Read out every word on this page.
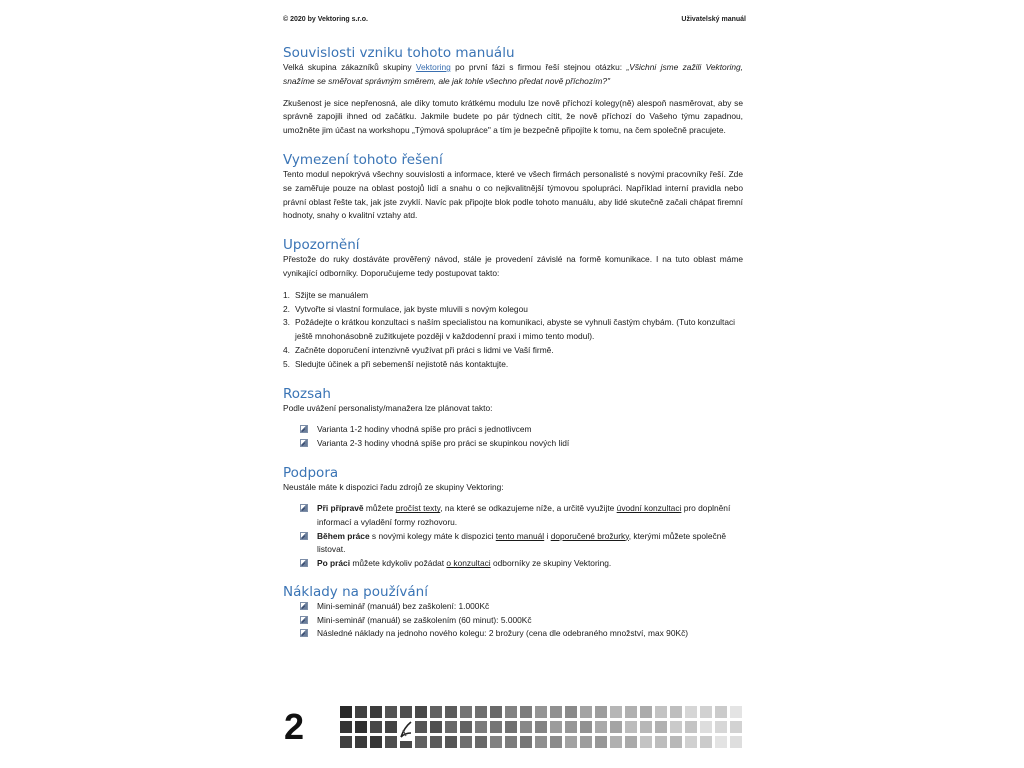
© 2020 by Vektoring s.r.o.	Uživatelský manuál
Souvislosti vzniku tohoto manuálu

Velká skupina zákazníků skupiny Vektoring po první fázi s firmou řeší stejnou otázku: „Všichni jsme zažili Vektoring, snažíme se směřovat správným směrem, ale jak tohle všechno předat nově příchozím?"

Zkušenost je sice nepřenosná, ale díky tomuto krátkému modulu lze nově příchozí kolegy(ně) alespoň nasměrovat, aby se správně zapojili ihned od začátku. Jakmile budete po pár týdnech cítit, že nově příchozí do Vašeho týmu zapadnou, umožněte jim účast na workshopu „Týmová spolupráce" a tím je bezpečně připojíte k tomu, na čem společně pracujete.

Vymezení tohoto řešení

Tento modul nepokrývá všechny souvislosti a informace, které ve všech firmách personalisté s novými pracovníky řeší. Zde se zaměřuje pouze na oblast postojů lidí a snahu o co nejkvalitnější týmovou spolupráci. Například interní pravidla nebo právní oblast řešte tak, jak jste zvyklí. Navíc pak připojte blok podle tohoto manuálu, aby lidé skutečně začali chápat firemní hodnoty, snahy o kvalitní vztahy atd.

Upozornění

Přestože do ruky dostáváte prověřený návod, stále je provedení závislé na formě komunikace. I na tuto oblast máme vynikající odborníky. Doporučujeme tedy postupovat takto:

1. Sžijte se manuálem
2. Vytvořte si vlastní formulace, jak byste mluvili s novým kolegou
3. Požádejte o krátkou konzultaci s naším specialistou na komunikaci, abyste se vyhnuli častým chybám. (Tuto konzultaci ještě mnohonásobně zužitkujete později v každodenní praxi i mimo tento modul).
4. Začněte doporučení intenzivně využívat při práci s lidmi ve Vaší firmě.
5. Sledujte účinek a při sebemenší nejistotě nás kontaktujte.
Rozsah

Podle uvážení personalisty/manažera lze plánovat takto:

Varianta 1-2 hodiny vhodná spíše pro práci s jednotlivcem
Varianta 2-3 hodiny vhodná spíše pro práci se skupinkou nových lidí
Podpora

Neustále máte k dispozici řadu zdrojů ze skupiny Vektoring:

Při přípravě můžete pročíst texty, na které se odkazujeme níže, a určitě využijte úvodní konzultaci pro doplnění informací a vyladění formy rozhovoru.
Během práce s novými kolegy máte k dispozici tento manuál i doporučené brožurky, kterými můžete společně listovat.
Po práci můžete kdykoliv požádat o konzultaci odborníky ze skupiny Vektoring.
Náklady na používání
Mini-seminář (manuál) bez zaškolení: 1.000Kč
Mini-seminář (manuál) se zaškolením (60 minut): 5.000Kč
Následné náklady na jednoho nového kolegu: 2 brožury (cena dle odebraného množství, max 90Kč)
2
